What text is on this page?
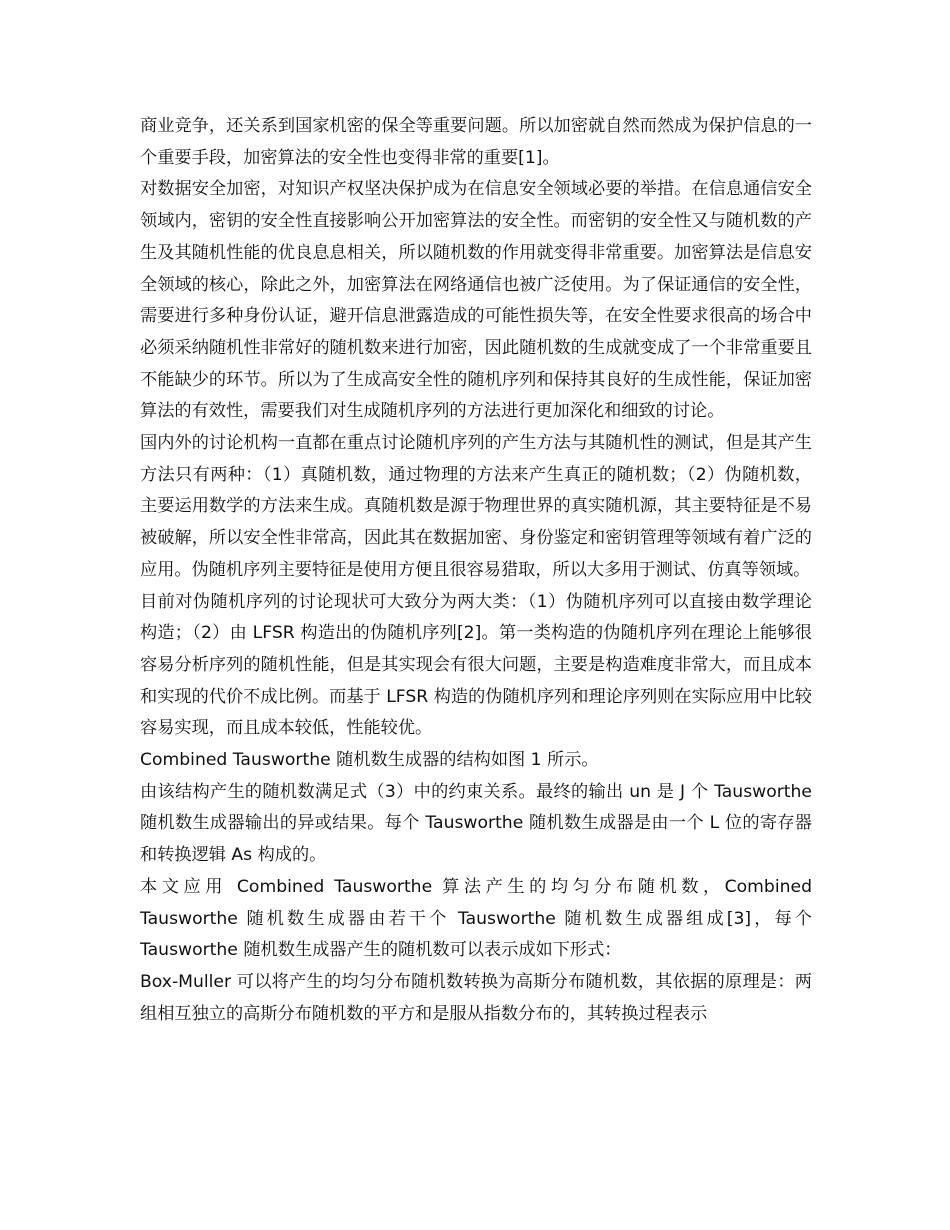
商业竞争，还关系到国家机密的保全等重要问题。所以加密就自然而然成为保护信息的一个重要手段，加密算法的安全性也变得非常的重要[1]。

对数据安全加密，对知识产权坚决保护成为在信息安全领域必要的举措。在信息通信安全领域内，密钥的安全性直接影响公开加密算法的安全性。而密钥的安全性又与随机数的产生及其随机性能的优良息息相关，所以随机数的作用就变得非常重要。加密算法是信息安全领域的核心，除此之外，加密算法在网络通信也被广泛使用。为了保证通信的安全性，需要进行多种身份认证，避开信息泄露造成的可能性损失等，在安全性要求很高的场合中必须采纳随机性非常好的随机数来进行加密，因此随机数的生成就变成了一个非常重要且不能缺少的环节。所以为了生成高安全性的随机序列和保持其良好的生成性能，保证加密算法的有效性，需要我们对生成随机序列的方法进行更加深化和细致的讨论。

国内外的讨论机构一直都在重点讨论随机序列的产生方法与其随机性的测试，但是其产生方法只有两种：（1）真随机数，通过物理的方法来产生真正的随机数；（2）伪随机数，主要运用数学的方法来生成。真随机数是源于物理世界的真实随机源，其主要特征是不易被破解，所以安全性非常高，因此其在数据加密、身份鉴定和密钥管理等领域有着广泛的应用。伪随机序列主要特征是使用方便且很容易猎取，所以大多用于测试、仿真等领域。

目前对伪随机序列的讨论现状可大致分为两大类：（1）伪随机序列可以直接由数学理论构造；（2）由 LFSR 构造出的伪随机序列[2]。第一类构造的伪随机序列在理论上能够很容易分析序列的随机性能，但是其实现会有很大问题，主要是构造难度非常大，而且成本和实现的代价不成比例。而基于 LFSR 构造的伪随机序列和理论序列则在实际应用中比较容易实现，而且成本较低，性能较优。

Combined Tausworthe 随机数生成器的结构如图 1 所示。

由该结构产生的随机数满足式（3）中的约束关系。最终的输出 un 是 J 个 Tausworthe 随机数生成器输出的异或结果。每个 Tausworthe 随机数生成器是由一个 L 位的寄存器和转换逻辑 As 构成的。

本文应用 Combined Tausworthe 算法产生的均匀分布随机数，Combined Tausworthe 随机数生成器由若干个 Tausworthe 随机数生成器组成[3]，每个 Tausworthe 随机数生成器产生的随机数可以表示成如下形式：

Box-Muller 可以将产生的均匀分布随机数转换为高斯分布随机数，其依据的原理是：两组相互独立的高斯分布随机数的平方和是服从指数分布的，其转换过程表示
